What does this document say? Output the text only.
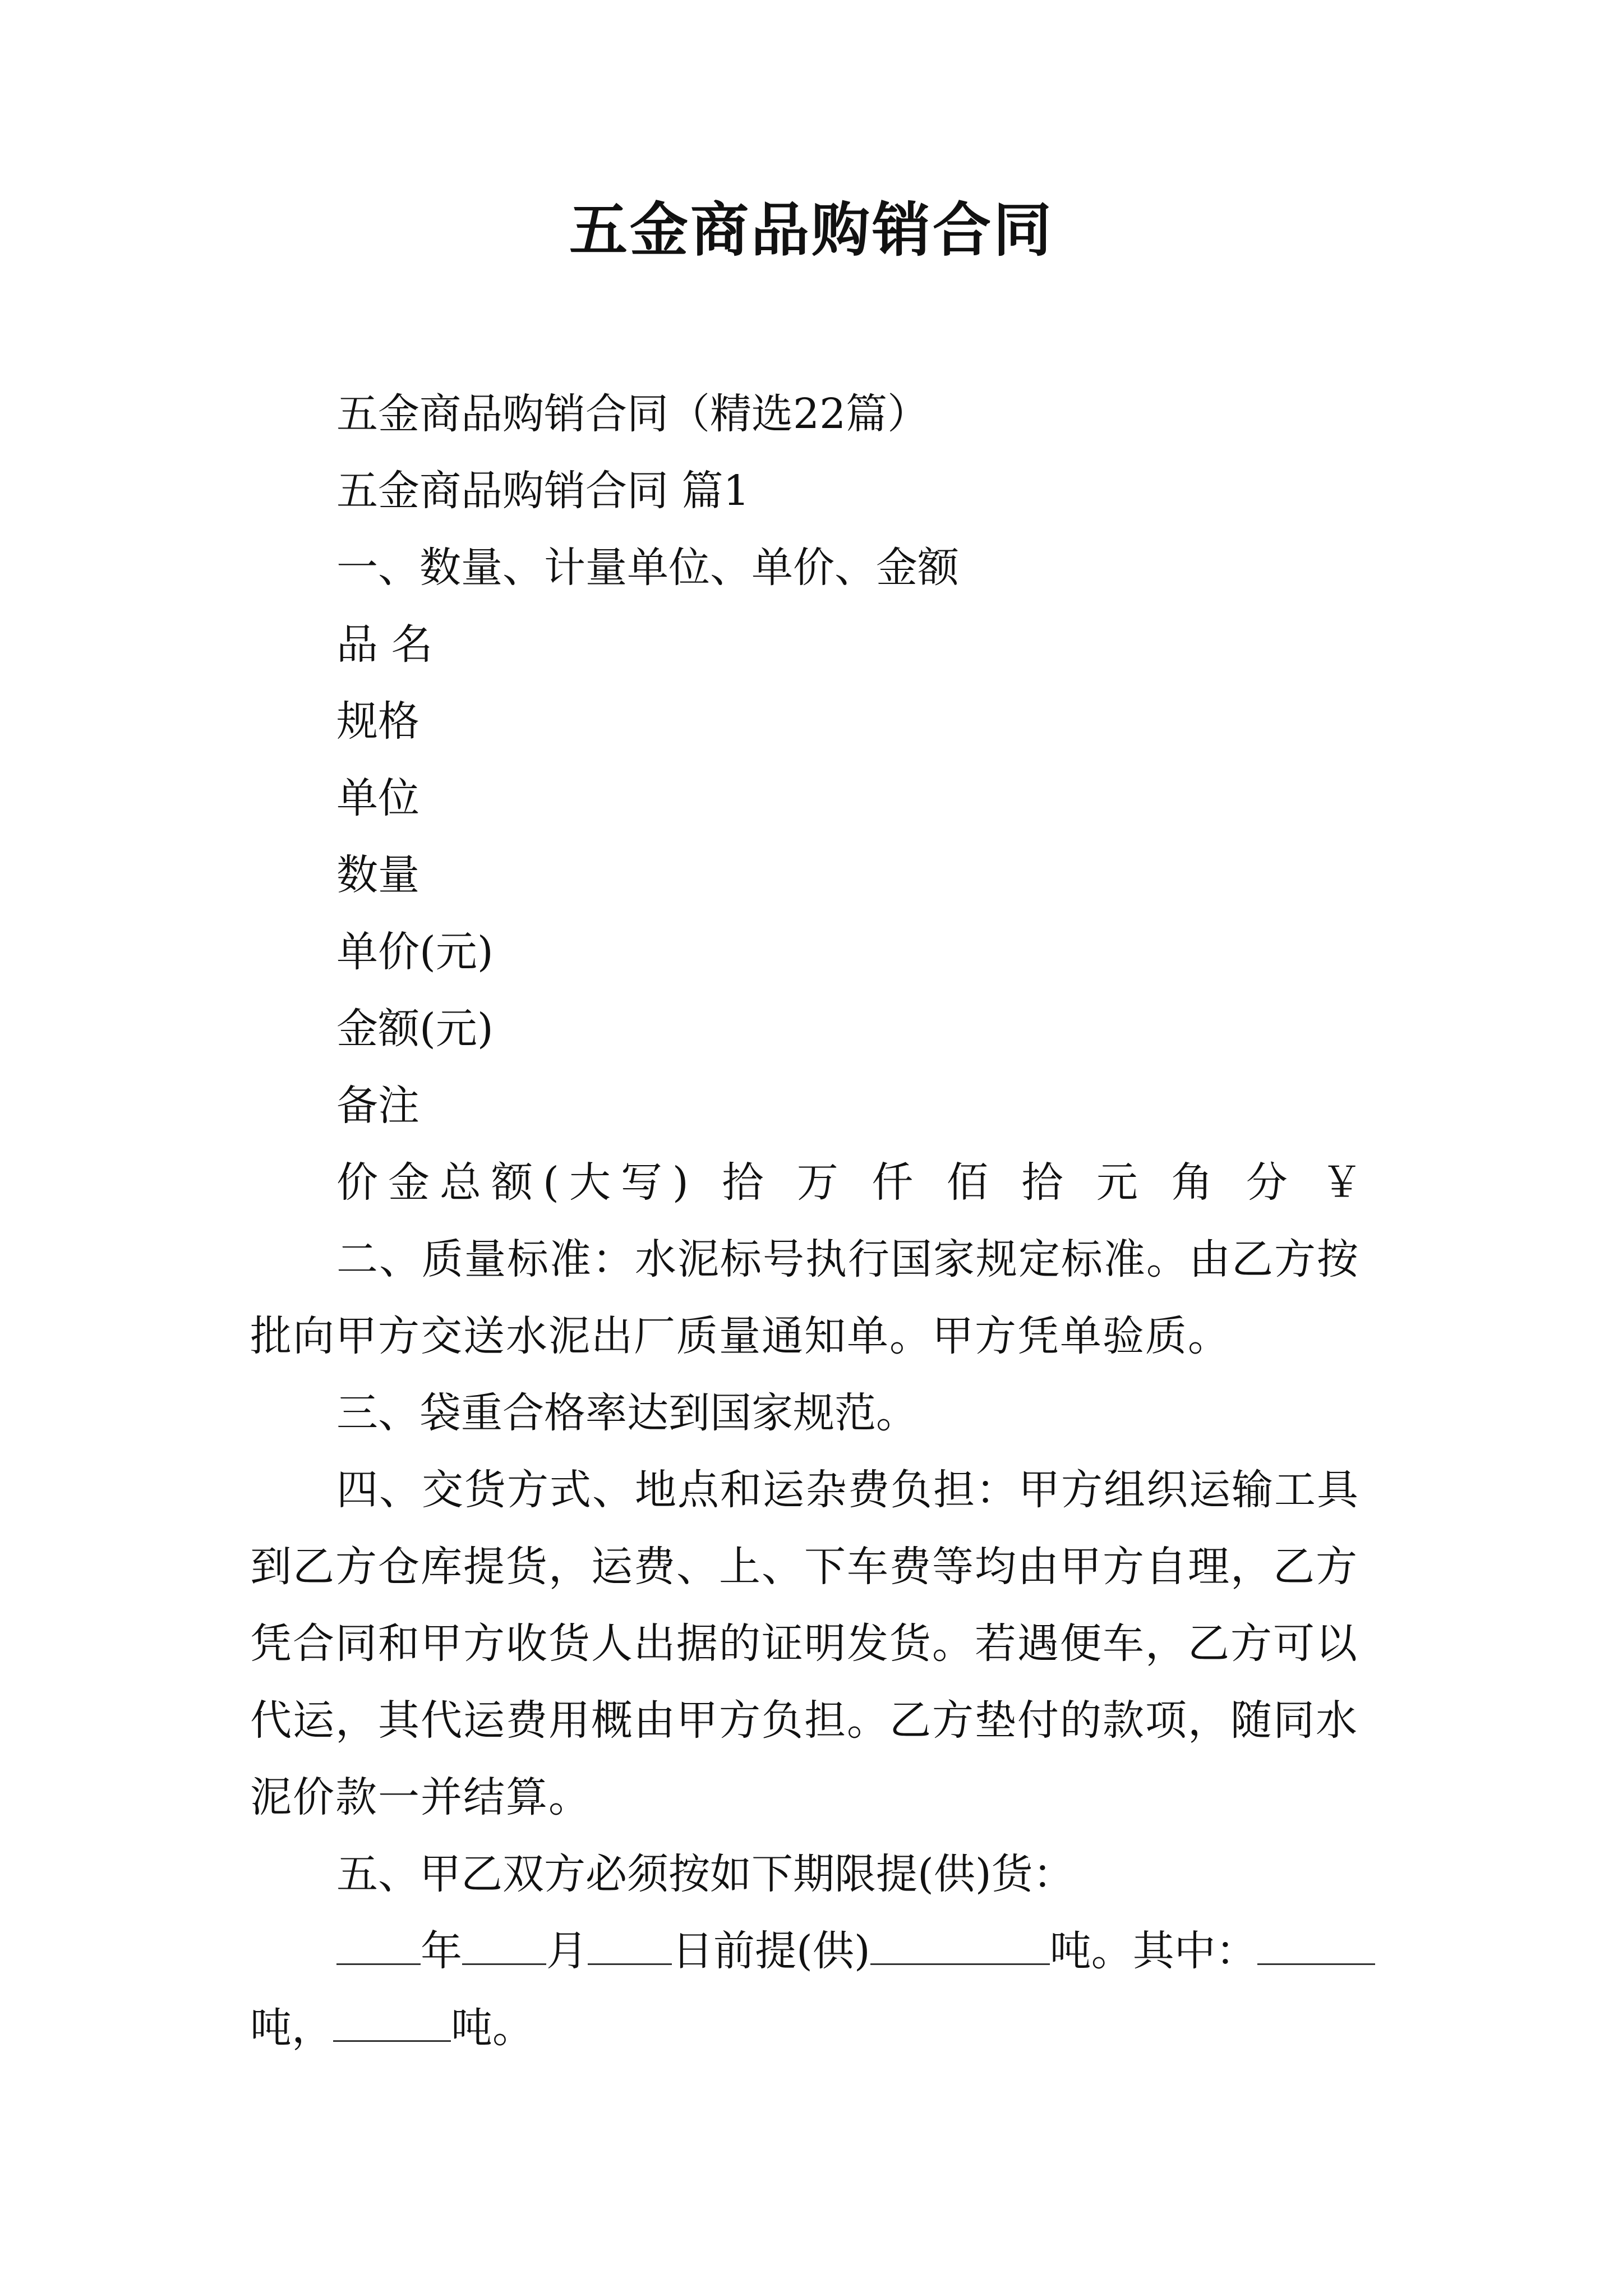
五金商品购销合同

五金商品购销合同（精选22篇）

五金商品购销合同 篇1

一、数量、计量单位、单价、金额

品 名

规格

单位

数量

单价(元)

金额(元)

备注

价金总额(大写) 拾 万 仟 佰 拾 元 角 分 ￥

二、质量标准：水泥标号执行国家规定标准。由乙方按批向甲方交送水泥出厂质量通知单。甲方凭单验质。

三、袋重合格率达到国家规范。

四、交货方式、地点和运杂费负担：甲方组织运输工具到乙方仓库提货，运费、上、下车费等均由甲方自理，乙方凭合同和甲方收货人出据的证明发货。若遇便车，乙方可以代运，其代运费用概由甲方负担。乙方垫付的款项，随同水泥价款一并结算。

五、甲乙双方必须按如下期限提(供)货：

年 月 日前提(供)	吨。其中：

吨，	吨。
